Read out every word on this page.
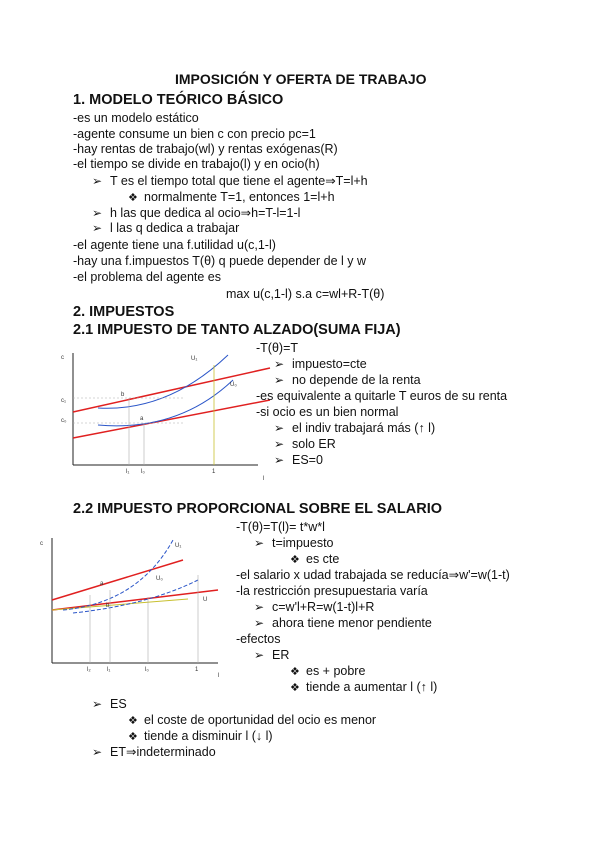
IMPOSICIÓN Y OFERTA DE TRABAJO
1. MODELO TEÓRICO BÁSICO
-es un modelo estático
-agente consume un bien c con precio pc=1
-hay rentas de trabajo(wl) y rentas exógenas(R)
-el tiempo se divide en trabajo(l) y en ocio(h)
➢ T es el tiempo total que tiene el agente⇒T=l+h
❖ normalmente T=1, entonces 1=l+h
➢ h las que dedica al ocio⇒h=T-l=1-l
➢ l las q dedica a trabajar
-el agente tiene una f.utilidad u(c,1-l)
-hay una f.impuestos T(θ) q puede depender de l y w
-el problema del agente es
max u(c,1-l) s.a c=wl+R-T(θ)
2. IMPUESTOS
2.1 IMPUESTO DE TANTO ALZADO(SUMA FIJA)
c	U₁
U₀
b
a
c₁
c₀
l₁ l₀	1
l
-T(θ)=T
➢ impuesto=cte
➢ no depende de la renta
-es equivalente a quitarle T euros de su renta
-si ocio es un bien normal
➢ el indiv trabajará más (↑ l)
➢ solo ER
➢ ES=0
2.2 IMPUESTO PROPORCIONAL SOBRE EL SALARIO
c	U₁
U₀
U
a
b
l₂	l₁	l₀	1
l
-T(θ)=T(l)= t*w*l
➢ t=impuesto
❖ es cte
-el salario x udad trabajada se reducía⇒w'=w(1-t)
-la restricción presupuestaria varía
➢ c=w'l+R=w(1-t)l+R
➢ ahora tiene menor pendiente
-efectos
➢ ER
❖ es + pobre
❖ tiende a aumentar l (↑ l)
➢ ES
❖ el coste de oportunidad del ocio es menor
❖ tiende a disminuir l (↓ l)
➢ ET⇒indeterminado
